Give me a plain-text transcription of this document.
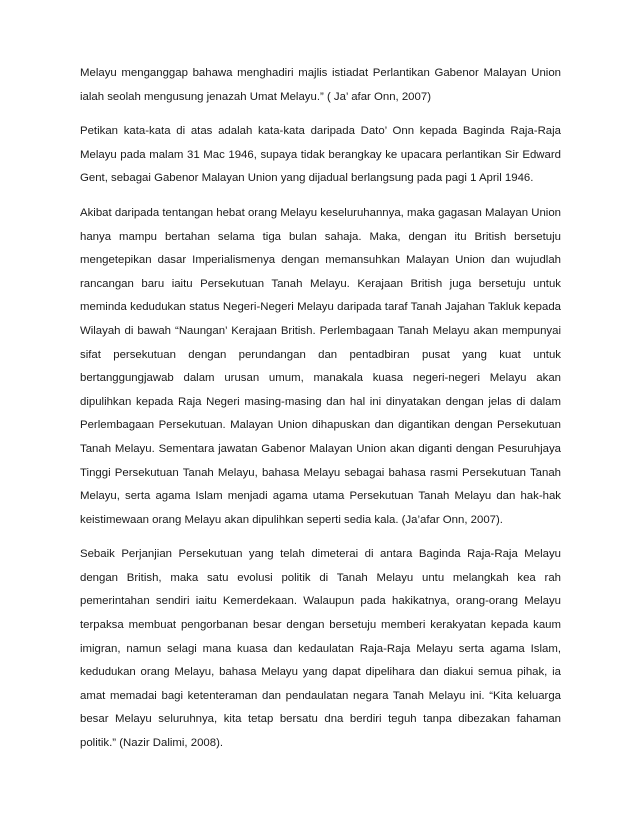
Melayu menganggap bahawa menghadiri majlis istiadat Perlantikan Gabenor Malayan Union ialah seolah mengusung jenazah Umat Melayu.” ( Ja’ afar Onn, 2007)

Petikan kata-kata di atas adalah kata-kata daripada Dato’ Onn kepada Baginda Raja-Raja Melayu pada malam 31 Mac 1946, supaya tidak berangkay ke upacara perlantikan Sir Edward Gent, sebagai Gabenor Malayan Union yang dijadual berlangsung pada pagi 1 April 1946.

Akibat daripada tentangan hebat orang Melayu keseluruhannya, maka gagasan Malayan Union hanya mampu bertahan selama tiga bulan sahaja. Maka, dengan itu British bersetuju mengetepikan dasar Imperialismenya dengan memansuhkan Malayan Union dan wujudlah rancangan baru iaitu Persekutuan Tanah Melayu. Kerajaan British juga bersetuju untuk meminda kedudukan status Negeri-Negeri Melayu daripada taraf Tanah Jajahan Takluk kepada Wilayah di bawah “Naungan’ Kerajaan British. Perlembagaan Tanah Melayu akan mempunyai sifat persekutuan dengan perundangan dan pentadbiran pusat yang kuat untuk bertanggungjawab dalam urusan umum, manakala kuasa negeri-negeri Melayu akan dipulihkan kepada Raja Negeri masing-masing dan hal ini dinyatakan dengan jelas di dalam Perlembagaan Persekutuan. Malayan Union dihapuskan dan digantikan dengan Persekutuan Tanah Melayu. Sementara jawatan Gabenor Malayan Union akan diganti dengan Pesuruhjaya Tinggi Persekutuan Tanah Melayu, bahasa Melayu sebagai bahasa rasmi Persekutuan Tanah Melayu, serta agama Islam menjadi agama utama Persekutuan Tanah Melayu dan hak-hak keistimewaan orang Melayu akan dipulihkan seperti sedia kala. (Ja’afar Onn, 2007).

Sebaik Perjanjian Persekutuan yang telah dimeterai di antara Baginda Raja-Raja Melayu dengan British, maka satu evolusi politik di Tanah Melayu untu melangkah kea rah pemerintahan sendiri iaitu Kemerdekaan. Walaupun pada hakikatnya, orang-orang Melayu terpaksa membuat pengorbanan besar dengan bersetuju memberi kerakyatan kepada kaum imigran, namun selagi mana kuasa dan kedaulatan Raja-Raja Melayu serta agama Islam, kedudukan orang Melayu, bahasa Melayu yang dapat dipelihara dan diakui semua pihak, ia amat memadai bagi ketenteraman dan pendaulatan negara Tanah Melayu ini. “Kita keluarga besar Melayu seluruhnya, kita tetap bersatu dna berdiri teguh tanpa dibezakan fahaman politik.” (Nazir Dalimi, 2008).
